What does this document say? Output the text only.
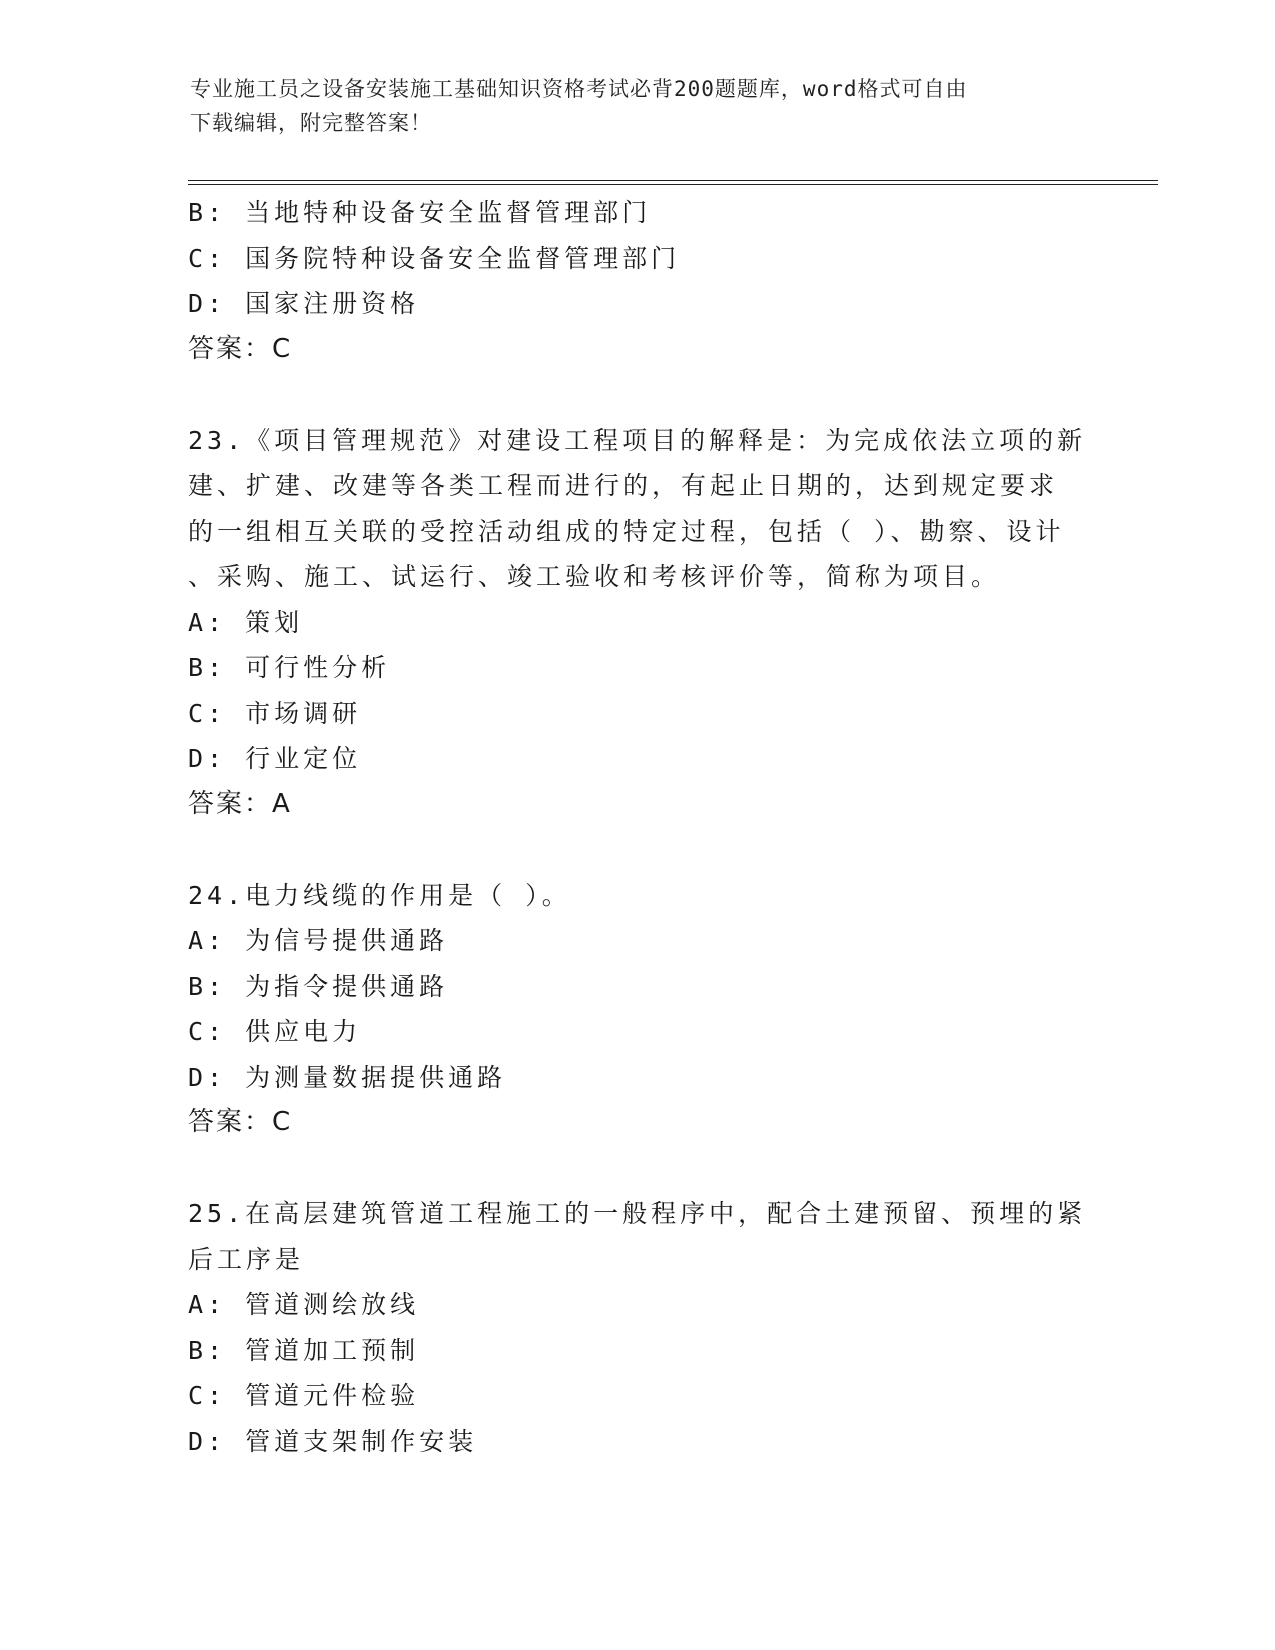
专业施工员之设备安装施工基础知识资格考试必背200题题库，word格式可自由
下载编辑，附完整答案！
B: 当地特种设备安全监督管理部门
C: 国务院特种设备安全监督管理部门
D: 国家注册资格
答案：C
23.《项目管理规范》对建设工程项目的解释是：为完成依法立项的新
建、扩建、改建等各类工程而进行的，有起止日期的，达到规定要求
的一组相互关联的受控活动组成的特定过程，包括（ ）、勘察、设计
、采购、施工、试运行、竣工验收和考核评价等，简称为项目。
A: 策划
B: 可行性分析
C: 市场调研
D: 行业定位
答案：A
24.电力线缆的作用是（ ）。
A: 为信号提供通路
B: 为指令提供通路
C: 供应电力
D: 为测量数据提供通路
答案：C
25.在高层建筑管道工程施工的一般程序中，配合土建预留、预埋的紧
后工序是
A: 管道测绘放线
B: 管道加工预制
C: 管道元件检验
D: 管道支架制作安装
